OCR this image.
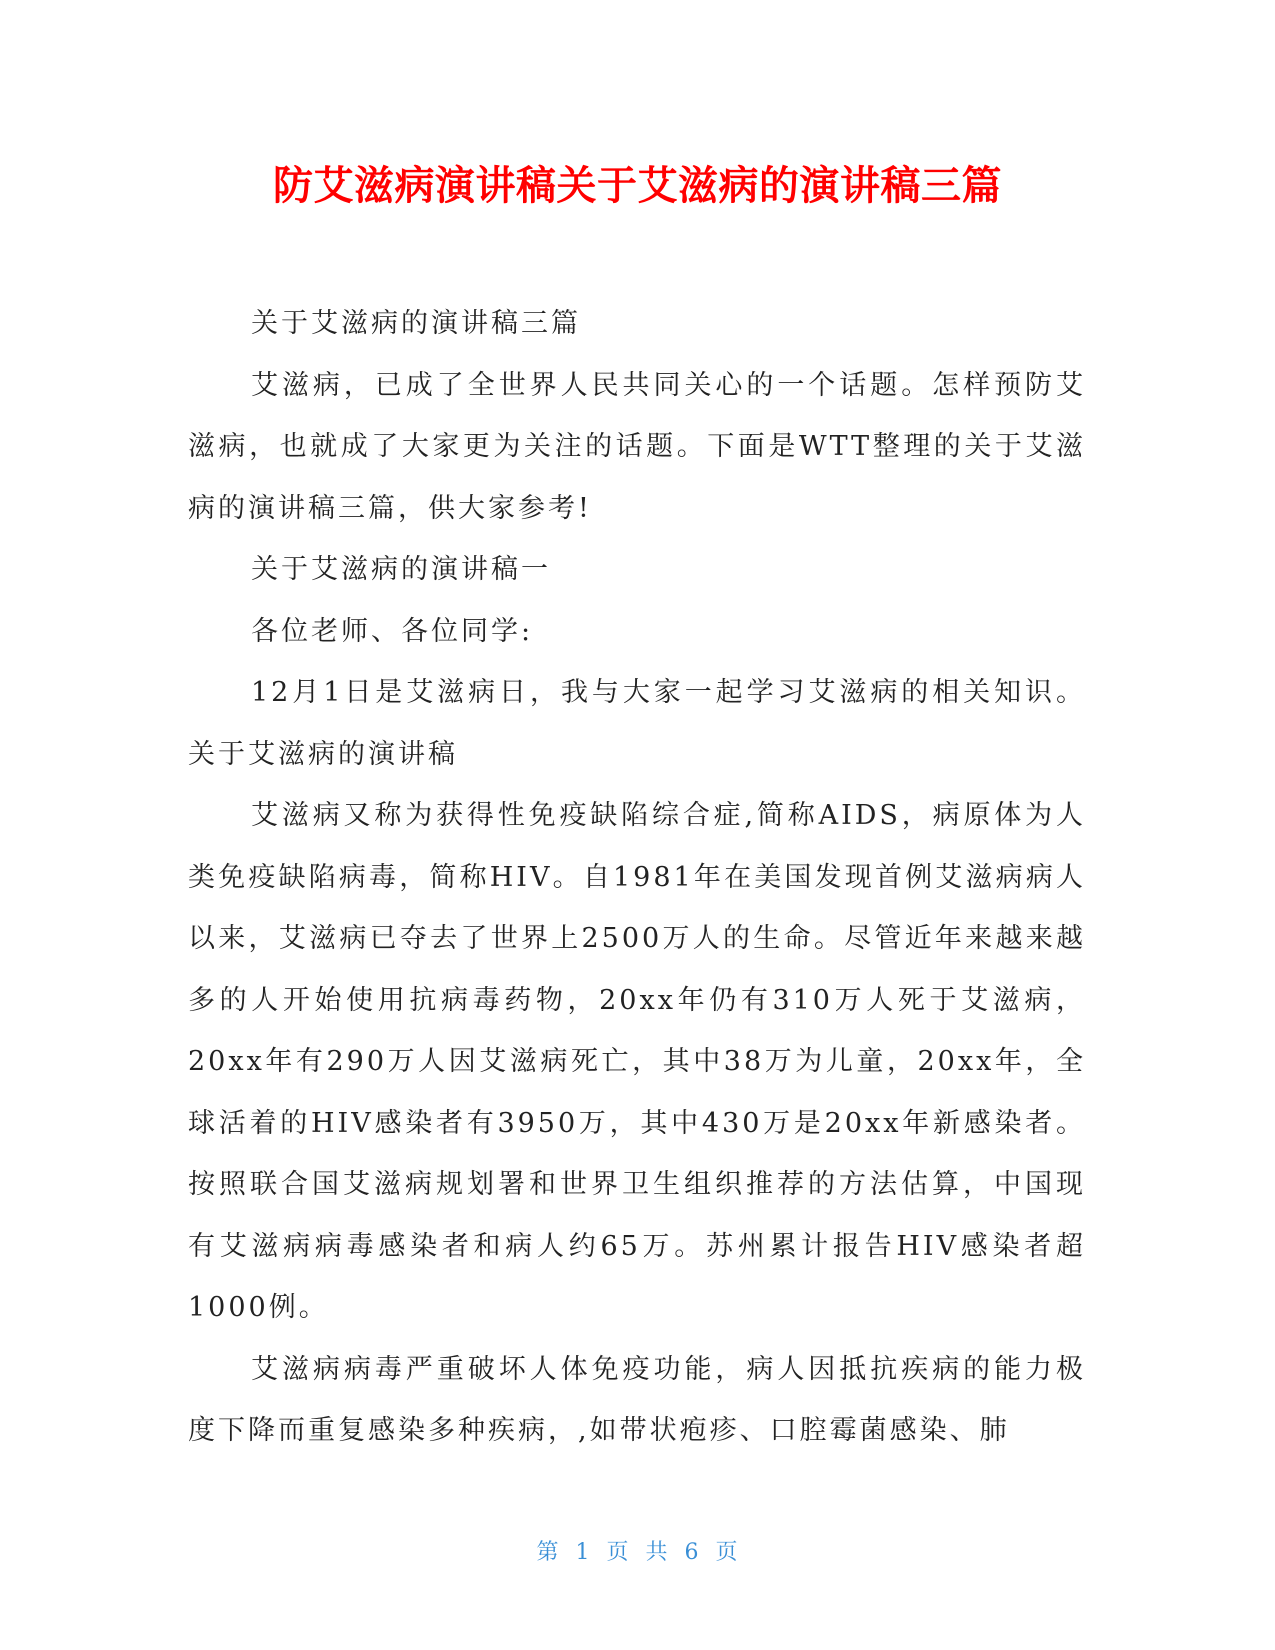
防艾滋病演讲稿关于艾滋病的演讲稿三篇

关于艾滋病的演讲稿三篇

艾滋病，已成了全世界人民共同关心的一个话题。怎样预防艾滋病，也就成了大家更为关注的话题。下面是WTT整理的关于艾滋病的演讲稿三篇，供大家参考!

关于艾滋病的演讲稿一

各位老师、各位同学:

12月1日是艾滋病日，我与大家一起学习艾滋病的相关知识。关于艾滋病的演讲稿

艾滋病又称为获得性免疫缺陷综合症,简称AIDS，病原体为人类免疫缺陷病毒，简称HIV。自1981年在美国发现首例艾滋病病人以来，艾滋病已夺去了世界上2500万人的生命。尽管近年来越来越多的人开始使用抗病毒药物，20xx年仍有310万人死于艾滋病，20xx年有290万人因艾滋病死亡，其中38万为儿童，20xx年，全球活着的HIV感染者有3950万，其中430万是20xx年新感染者。按照联合国艾滋病规划署和世界卫生组织推荐的方法估算，中国现有艾滋病病毒感染者和病人约65万。苏州累计报告HIV感染者超1000例。

艾滋病病毒严重破坏人体免疫功能，病人因抵抗疾病的能力极度下降而重复感染多种疾病，,如带状疱疹、口腔霉菌感染、肺

第 1 页 共 6 页
